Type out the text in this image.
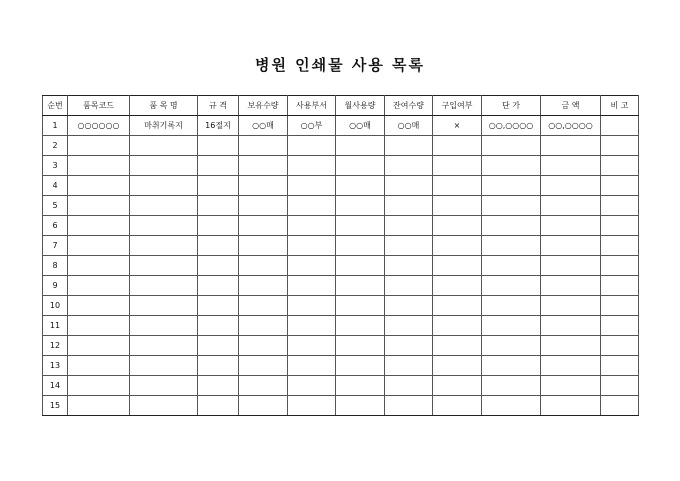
병원 인쇄물 사용 목록
순번	품목코드	품 목 명	규 격	보유수량	사용부서	월사용량	잔여수량	구입여부	단 가	금 액	비 고
1	○○○○○○	마취기록지	16절지	○○매	○○부	○○매	○○매	×	○○,○○○○	○○,○○○○	
2											
3											
4											
5											
6											
7											
8											
9											
10											
11											
12											
13											
14											
15											
